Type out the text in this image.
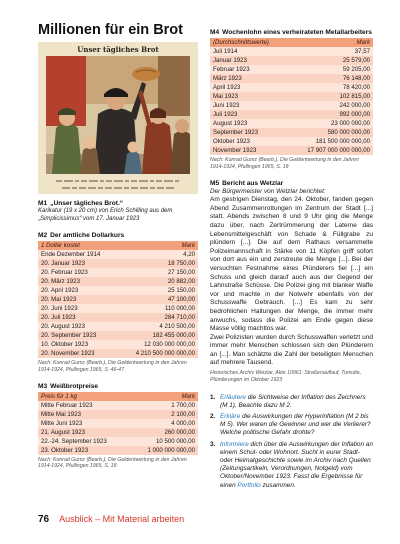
Millionen für ein Brot
Unser tägliches Brot
M1 „Unser tägliches Brot.“
Karikatur (19 x 20 cm) von Erich Schilling aus dem „Simplicissimus“ vom 17. Januar 1923
M2 Der amtliche Dollarkurs
1 Dollar kostet	Mark
Ende Dezember 1914	4,20
20. Januar 1923	18 750,00
20. Februar 1923	27 150,00
20. März 1923	20 882,00
20. April 1923	25 150,00
20. Mai 1923	47 100,00
20. Juni 1923	110 000,00
20. Juli 1923	284 710,00
20. August 1923	4 210 500,00
20. September 1923	182 455 000,00
10. Oktober 1923	12 030 000 000,00
20. November 1923	4 210 500 000 000,00
Nach: Konrad Gumz (Bearb.), Die Geldentwertung in den Jahren 1914-1924, Pfullingen 1965, S. 46-47
M3 Weißbrotpreise
Preis für 1 kg	Mark
Mitte Februar 1923	1 700,00
Mitte Mai 1923	2 100,00
Mitte Juni 1923	4 000,00
21. August 1923	260 000,00
22.-24. September 1923	10 500 000,00
23. Oktober 1923	1 000 000 000,00
Nach: Konrad Gumz (Bearb.), Die Geldentwertung in den Jahren 1914-1924, Pfullingen 1965, S. 18
M4 Wochenlohn eines verheirateten Metallarbeiters
(Durchschnittswerte)	Mark
Juli 1914	37,57
Januar 1923	25 579,00
Februar 1923	59 205,00
März 1923	76 148,00
April 1923	78 420,00
Mai 1923	102 815,00
Juni 1923	242 000,00
Juli 1923	992 000,00
August 1923	23 000 000,00
September 1923	580 000 000,00
Oktober 1923	181 500 000 000,00
November 1923	17 907 000 000 000,00
Nach: Konrad Gumz (Bearb.), Die Geldentwertung in den Jahren 1914-1924, Pfullingen 1965, S. 18
M5 Bericht aus Wetzlar
Der Bürgermeister von Wetzlar berichtet:

Am gestrigen Dienstag, den 24. Oktober, fanden gegen Abend Zusammenrottungen im Zentrum der Stadt [...] statt. Abends zwischen 8 und 9 Uhr ging die Menge dazu über, nach Zertrümmerung der Laterne das Lebensmittelgeschäft von Schade & Füllgrabe zu plündern [...]. Die auf dem Rathaus versammelte Polizeimannschaft in Stärke von 11 Köpfen griff sofort von dort aus ein und zerstreute die Menge [...]. Bei der versuchten Festnahme eines Plünderers fiel [...] ein Schuss und gleich darauf auch aus der Gegend der Lahnstraße Schüsse. Die Polizei ging mit blanker Waffe vor und machte in der Notwehr ebenfalls von der Schusswaffe Gebrauch. [...] Es kam zu sehr bedrohlichen Haltungen der Menge, die immer mehr anwuchs, sodass die Polizei am Ende gegen diese Masse völlig machtlos war.

Zwei Polizisten wurden durch Schusswaffen verletzt und immer mehr Menschen schlossen sich den Plünderern an [...]. Man schätzte die Zahl der beteiligten Menschen auf mehrere Tausend.

Historisches Archiv Wetzlar, Akte 10961: Straßenauflauf, Tumulte, Plünderungen im Oktober 1923
1. Erläutere die Sichtweise der Inflation des Zeichners (M 1). Beachte dazu M 2.
2. Erkläre die Auswirkungen der Hyperinflation (M 2 bis M 5). Wer waren die Gewinner und wer die Verlierer? Welche politische Gefahr drohte?
3. Informiere dich über die Auswirkungen der Inflation an einem Schul- oder Wohnort. Sucht in eurer Stadt- oder Heimatgeschichte sowie im Archiv nach Quellen (Zeitungsartikeln, Verordnungen, Notgeld) vom Oktober/November 1923. Fasst die Ergebnisse für einen Portfolio zusammen.
76 Ausblick – Mit Material arbeiten
